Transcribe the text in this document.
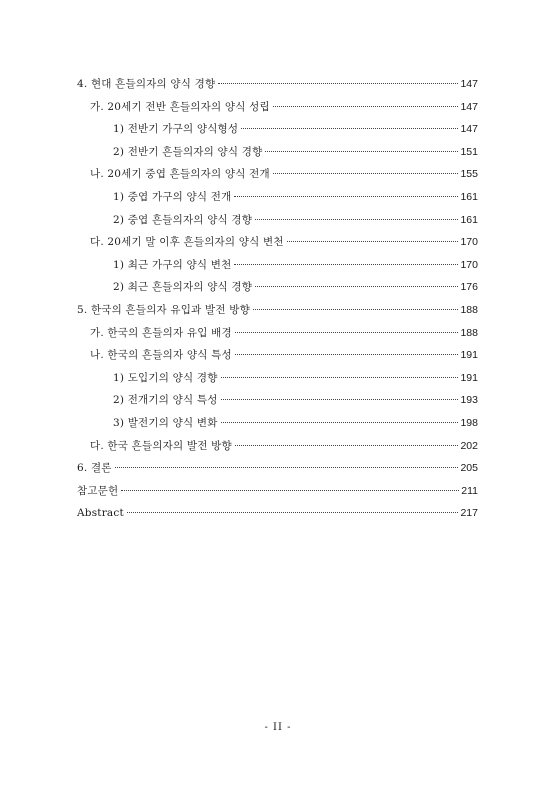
4. 현대 흔들의자의 양식 경향	147
가. 20세기 전반 흔들의자의 양식 성립	147
1) 전반기 가구의 양식형성	147
2) 전반기 흔들의자의 양식 경향	151
나. 20세기 중엽 흔들의자의 양식 전개	155
1) 중엽 가구의 양식 전개	161
2) 중엽 흔들의자의 양식 경향	161
다. 20세기 말 이후 흔들의자의 양식 변천	170
1) 최근 가구의 양식 변천	170
2) 최근 흔들의자의 양식 경향	176
5. 한국의 흔들의자 유입과 발전 방향	188
가. 한국의 흔들의자 유입 배경	188
나. 한국의 흔들의자 양식 특성	191
1) 도입기의 양식 경향	191
2) 전개기의 양식 특성	193
3) 발전기의 양식 변화	198
다. 한국 흔들의자의 발전 방향	202
6. 결론	205
참고문헌	211
Abstract	217
- II -
